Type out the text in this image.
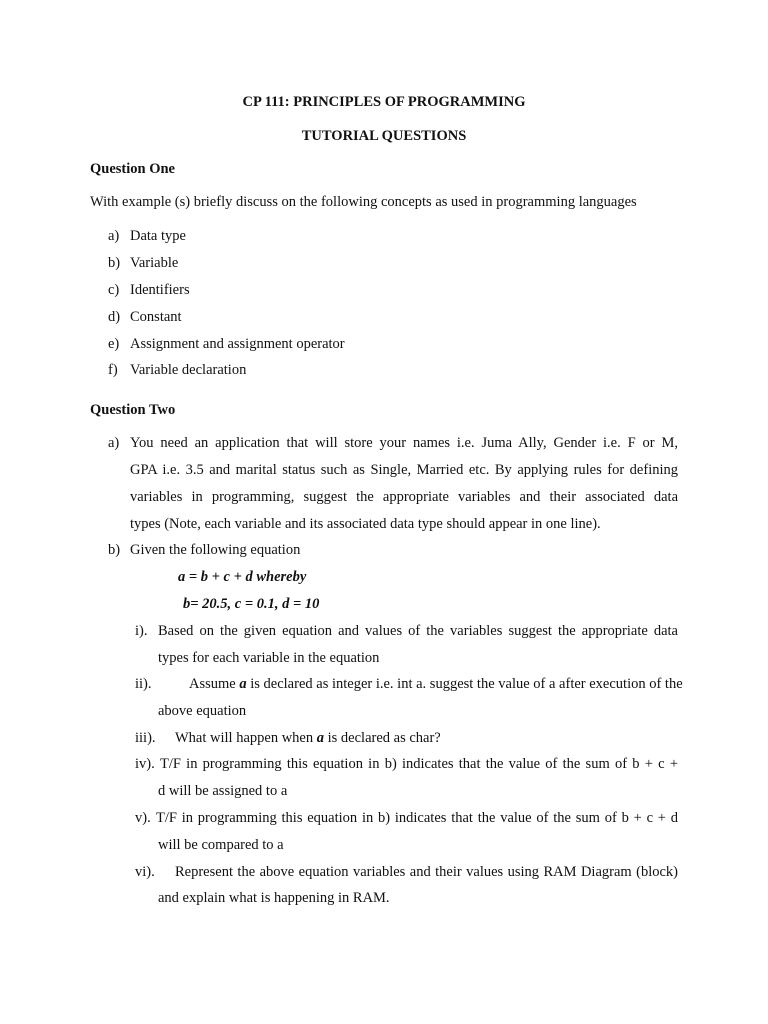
CP 111: PRINCIPLES OF PROGRAMMING
TUTORIAL QUESTIONS
Question One
With example (s) briefly discuss on the following concepts as used in programming languages
a) Data type
b) Variable
c) Identifiers
d) Constant
e) Assignment and assignment operator
f) Variable declaration
Question Two
a) You need an application that will store your names i.e. Juma Ally, Gender i.e. F or M,
GPA i.e. 3.5 and marital status such as Single, Married etc. By applying rules for defining
variables in programming, suggest the appropriate variables and their associated data
types (Note, each variable and its associated data type should appear in one line).
b) Given the following equation
a = b + c + d whereby
b= 20.5, c = 0.1, d = 10
i). Based on the given equation and values of the variables suggest the appropriate data
types for each variable in the equation
ii).	Assume a is declared as integer i.e. int a. suggest the value of a after execution of the
above equation
iii). What will happen when a is declared as char?
iv). T/F in programming this equation in b) indicates that the value of the sum of b + c +
d will be assigned to a
v). T/F in programming this equation in b) indicates that the value of the sum of b + c + d
will be compared to a
vi). Represent the above equation variables and their values using RAM Diagram (block)
and explain what is happening in RAM.
